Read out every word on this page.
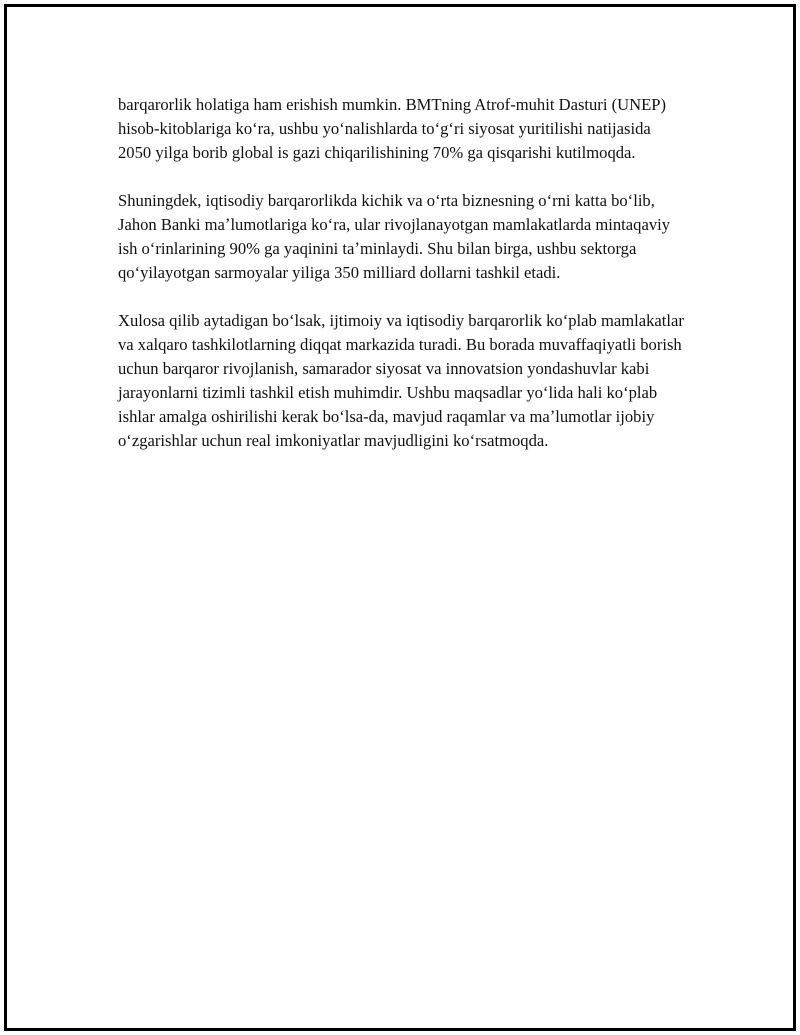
barqarorlik holatiga ham erishish mumkin. BMTning Atrof-muhit Dasturi (UNEP) hisob-kitoblariga koʻra, ushbu yoʻnalishlarda toʻgʻri siyosat yuritilishi natijasida 2050 yilga borib global is gazi chiqarilishining 70% ga qisqarishi kutilmoqda.

Shuningdek, iqtisodiy barqarorlikda kichik va oʻrta biznesning oʻrni katta boʻlib, Jahon Banki maʼlumotlariga koʻra, ular rivojlanayotgan mamlakatlarda mintaqaviy ish oʻrinlarining 90% ga yaqinini taʼminlaydi. Shu bilan birga, ushbu sektorga qoʻyilayotgan sarmoyalar yiliga 350 milliard dollarni tashkil etadi.

Xulosa qilib aytadigan boʻlsak, ijtimoiy va iqtisodiy barqarorlik koʻplab mamlakatlar va xalqaro tashkilotlarning diqqat markazida turadi. Bu borada muvaffaqiyatli borish uchun barqaror rivojlanish, samarador siyosat va innovatsion yondashuvlar kabi jarayonlarni tizimli tashkil etish muhimdir. Ushbu maqsadlar yoʻlida hali koʻplab ishlar amalga oshirilishi kerak boʻlsa-da, mavjud raqamlar va maʼlumotlar ijobiy oʻzgarishlar uchun real imkoniyatlar mavjudligini koʻrsatmoqda.
